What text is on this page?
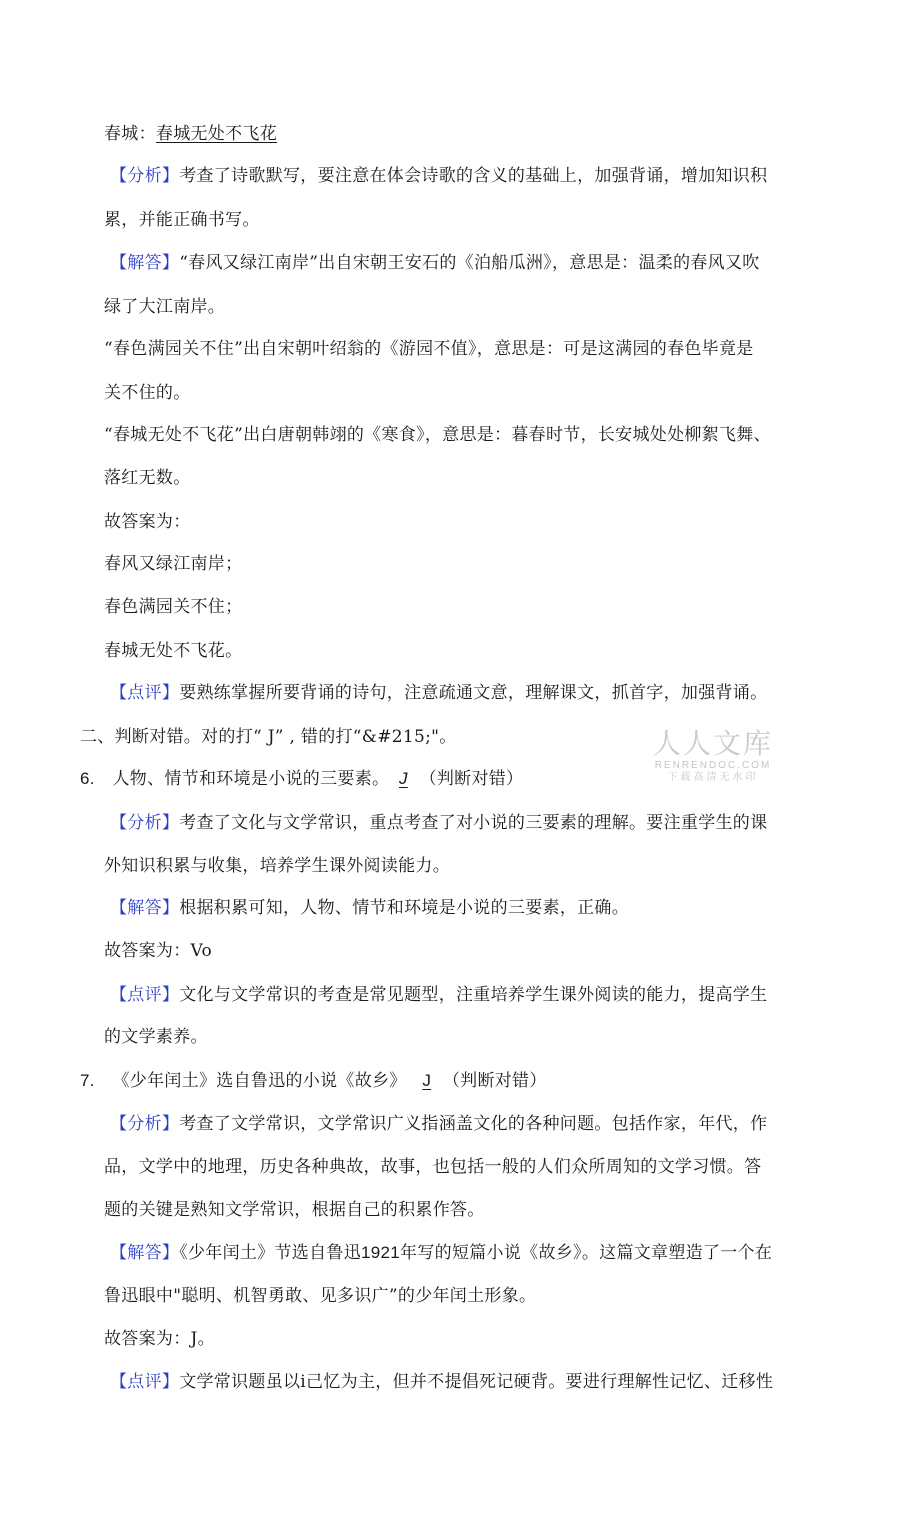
春城：春城无处不飞花
【分析】考查了诗歌默写，要注意在体会诗歌的含义的基础上，加强背诵，增加知识积
累，并能正确书写。
【解答】“春风又绿江南岸”出自宋朝王安石的《泊船瓜洲》，意思是：温柔的春风又吹
绿了大江南岸。
“春色满园关不住”出自宋朝叶绍翁的《游园不值》，意思是：可是这满园的春色毕竟是
关不住的。
“春城无处不飞花”出白唐朝韩翊的《寒食》，意思是：暮春时节，长安城处处柳絮飞舞、
落红无数。
故答案为：
春风又绿江南岸；
春色满园关不住；
春城无处不飞花。
【点评】要熟练掌握所要背诵的诗句，注意疏通文意，理解课文，抓首字，加强背诵。
二、判断对错。对的打“ J” , 错的打“&#215;"。	人人文库
RENRENDOC.COM
下载高清无水印
6. 人物、情节和环境是小说的三要素。 J （判断对错）
【分析】考查了文化与文学常识，重点考查了对小说的三要素的理解。要注重学生的课
外知识积累与收集，培养学生课外阅读能力。
【解答】根据积累可知，人物、情节和环境是小说的三要素，正确。
故答案为：Vo
【点评】文化与文学常识的考查是常见题型，注重培养学生课外阅读的能力，提高学生
的文学素养。
7. 《少年闰土》选自鲁迅的小说《故乡》 J （判断对错）
【分析】考查了文学常识，文学常识广义指涵盖文化的各种问题。包括作家，年代，作
品，文学中的地理，历史各种典故，故事，也包括一般的人们众所周知的文学习惯。答
题的关键是熟知文学常识，根据自己的积累作答。
【解答】《少年闰土》节选自鲁迅1921年写的短篇小说《故乡》。这篇文章塑造了一个在
鲁迅眼中"聪明、机智勇敢、见多识广”的少年闰土形象。
故答案为：J。
【点评】文学常识题虽以i己忆为主，但并不提倡死记硬背。要进行理解性记忆、迁移性
